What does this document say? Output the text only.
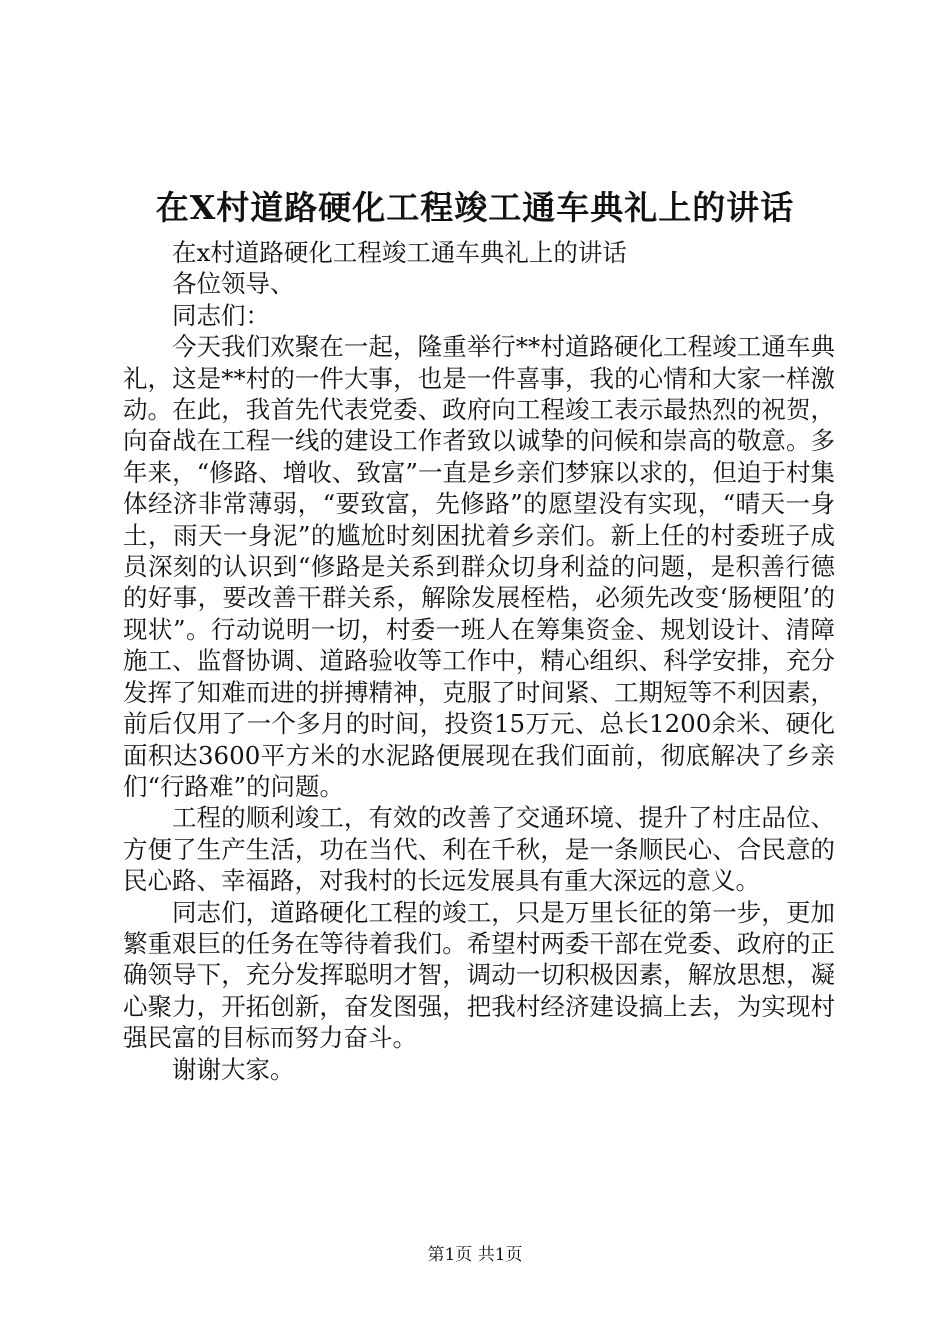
在X村道路硬化工程竣工通车典礼上的讲话

在x村道路硬化工程竣工通车典礼上的讲话

各位领导、

同志们：

今天我们欢聚在一起，隆重举行**村道路硬化工程竣工通车典礼，这是**村的一件大事，也是一件喜事，我的心情和大家一样激动。在此，我首先代表党委、政府向工程竣工表示最热烈的祝贺，向奋战在工程一线的建设工作者致以诚挚的问候和崇高的敬意。多年来，“修路、增收、致富”一直是乡亲们梦寐以求的，但迫于村集体经济非常薄弱，“要致富，先修路”的愿望没有实现，“晴天一身土，雨天一身泥”的尴尬时刻困扰着乡亲们。新上任的村委班子成员深刻的认识到“修路是关系到群众切身利益的问题，是积善行德的好事，要改善干群关系，解除发展桎梏，必须先改变‘肠梗阻’的现状”。行动说明一切，村委一班人在筹集资金、规划设计、清障施工、监督协调、道路验收等工作中，精心组织、科学安排，充分发挥了知难而进的拼搏精神，克服了时间紧、工期短等不利因素，前后仅用了一个多月的时间，投资15万元、总长1200余米、硬化面积达3600平方米的水泥路便展现在我们面前，彻底解决了乡亲们“行路难”的问题。

工程的顺利竣工，有效的改善了交通环境、提升了村庄品位、方便了生产生活，功在当代、利在千秋，是一条顺民心、合民意的民心路、幸福路，对我村的长远发展具有重大深远的意义。

同志们，道路硬化工程的竣工，只是万里长征的第一步，更加繁重艰巨的任务在等待着我们。希望村两委干部在党委、政府的正确领导下，充分发挥聪明才智，调动一切积极因素，解放思想，凝心聚力，开拓创新，奋发图强，把我村经济建设搞上去，为实现村强民富的目标而努力奋斗。

谢谢大家。

第1页 共1页
